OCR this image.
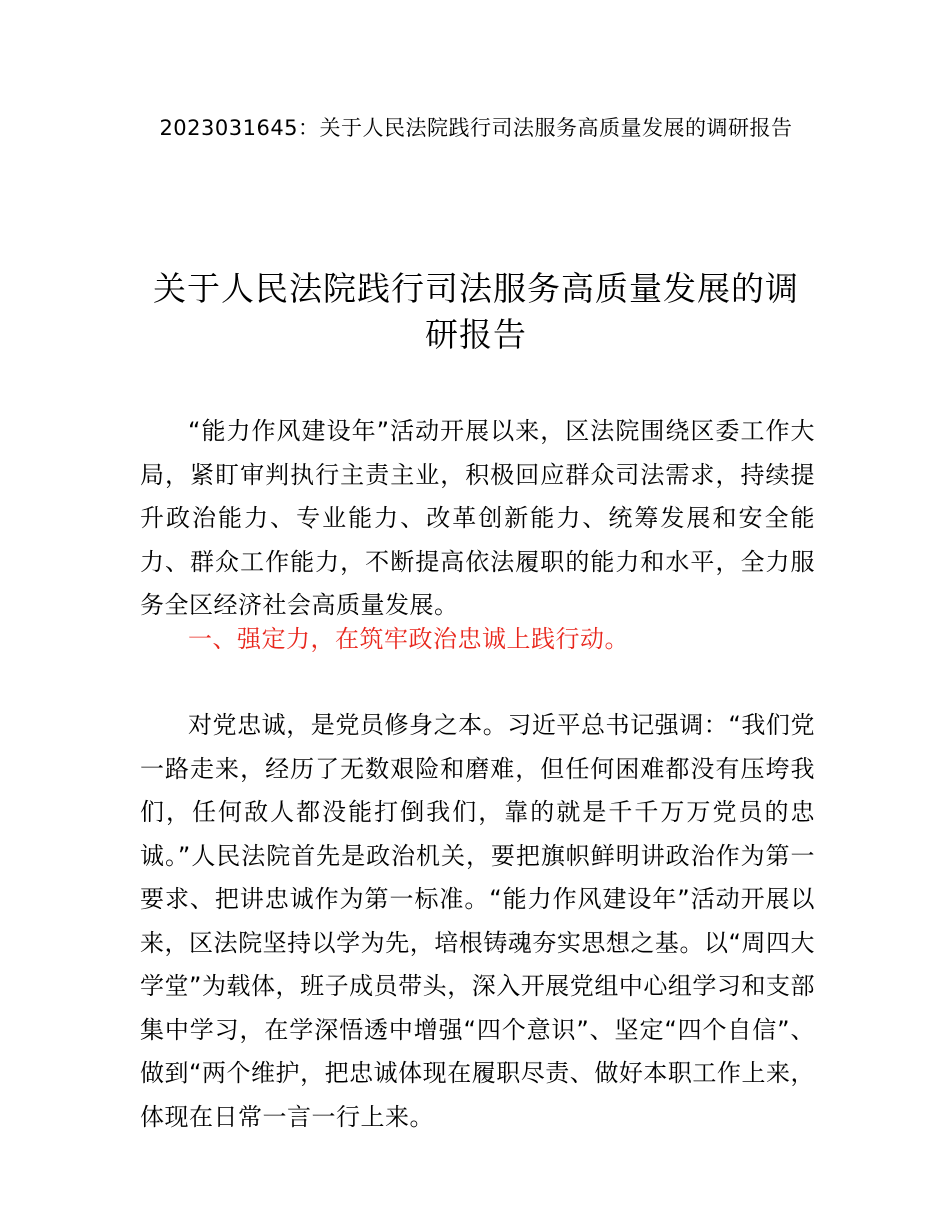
2023031645：关于人民法院践行司法服务高质量发展的调研报告
关于人民法院践行司法服务高质量发展的调研报告

“能力作风建设年”活动开展以来，区法院围绕区委工作大局，紧盯审判执行主责主业，积极回应群众司法需求，持续提升政治能力、专业能力、改革创新能力、统筹发展和安全能力、群众工作能力，不断提高依法履职的能力和水平，全力服务全区经济社会高质量发展。

一、强定力，在筑牢政治忠诚上践行动。

对党忠诚，是党员修身之本。习近平总书记强调：“我们党一路走来，经历了无数艰险和磨难，但任何困难都没有压垮我们，任何敌人都没能打倒我们，靠的就是千千万万党员的忠诚。”人民法院首先是政治机关，要把旗帜鲜明讲政治作为第一要求、把讲忠诚作为第一标准。“能力作风建设年”活动开展以来，区法院坚持以学为先，培根铸魂夯实思想之基。以“周四大学堂”为载体，班子成员带头，深入开展党组中心组学习和支部集中学习，在学深悟透中增强“四个意识”、坚定“四个自信”、做到“两个维护，把忠诚体现在履职尽责、做好本职工作上来，体现在日常一言一行上来。
